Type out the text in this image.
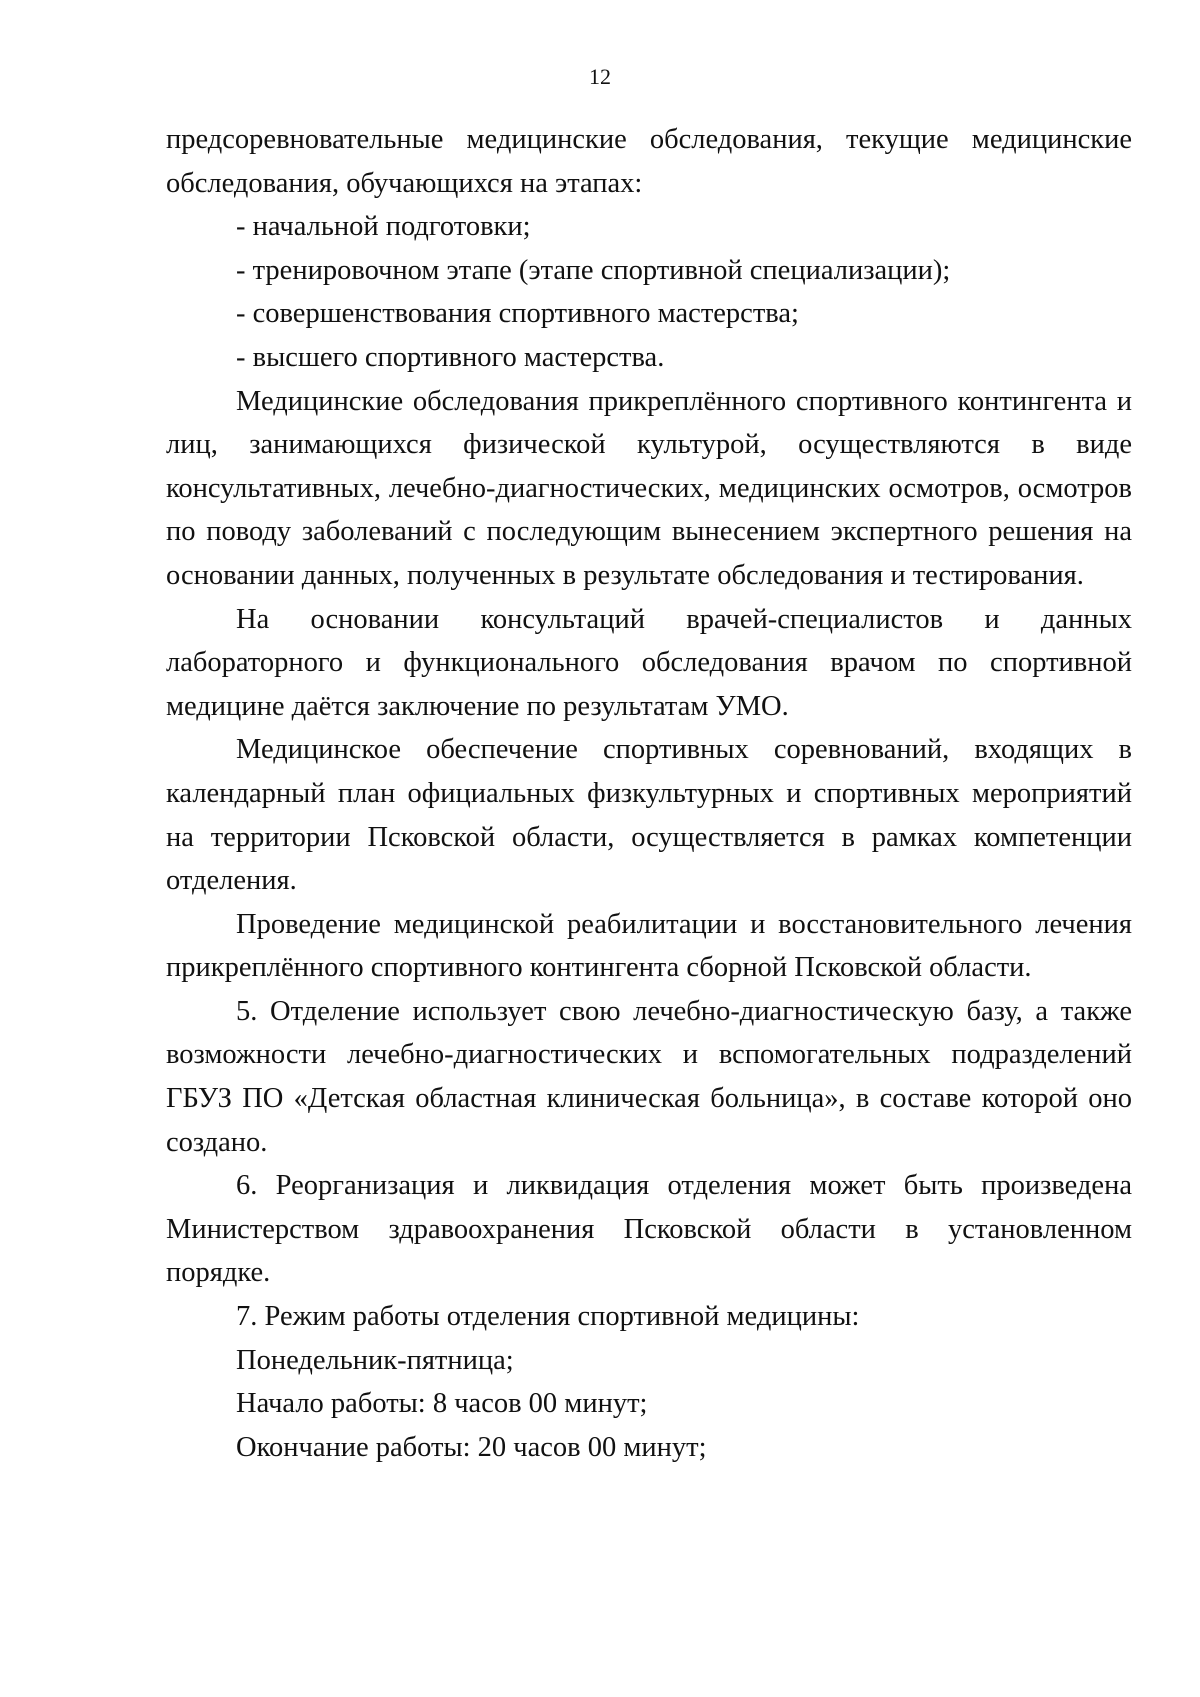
12

предсоревновательные медицинские обследования, текущие медицинские обследования, обучающихся на этапах:

- начальной подготовки;

- тренировочном этапе (этапе спортивной специализации);

- совершенствования спортивного мастерства;

- высшего спортивного мастерства.

Медицинские обследования прикреплённого спортивного контингента и лиц, занимающихся физической культурой, осуществляются в виде консультативных, лечебно-диагностических, медицинских осмотров, осмотров по поводу заболеваний с последующим вынесением экспертного решения на основании данных, полученных в результате обследования и тестирования.

На основании консультаций врачей-специалистов и данных лабораторного и функционального обследования врачом по спортивной медицине даётся заключение по результатам УМО.

Медицинское обеспечение спортивных соревнований, входящих в календарный план официальных физкультурных и спортивных мероприятий на территории Псковской области, осуществляется в рамках компетенции отделения.

Проведение медицинской реабилитации и восстановительного лечения прикреплённого спортивного контингента сборной Псковской области.

5. Отделение использует свою лечебно-диагностическую базу, а также возможности лечебно-диагностических и вспомогательных подразделений ГБУЗ ПО «Детская областная клиническая больница», в составе которой оно создано.

6. Реорганизация и ликвидация отделения может быть произведена Министерством здравоохранения Псковской области в установленном порядке.

7. Режим работы отделения спортивной медицины:

Понедельник-пятница;

Начало работы: 8 часов 00 минут;

Окончание работы: 20 часов 00 минут;
